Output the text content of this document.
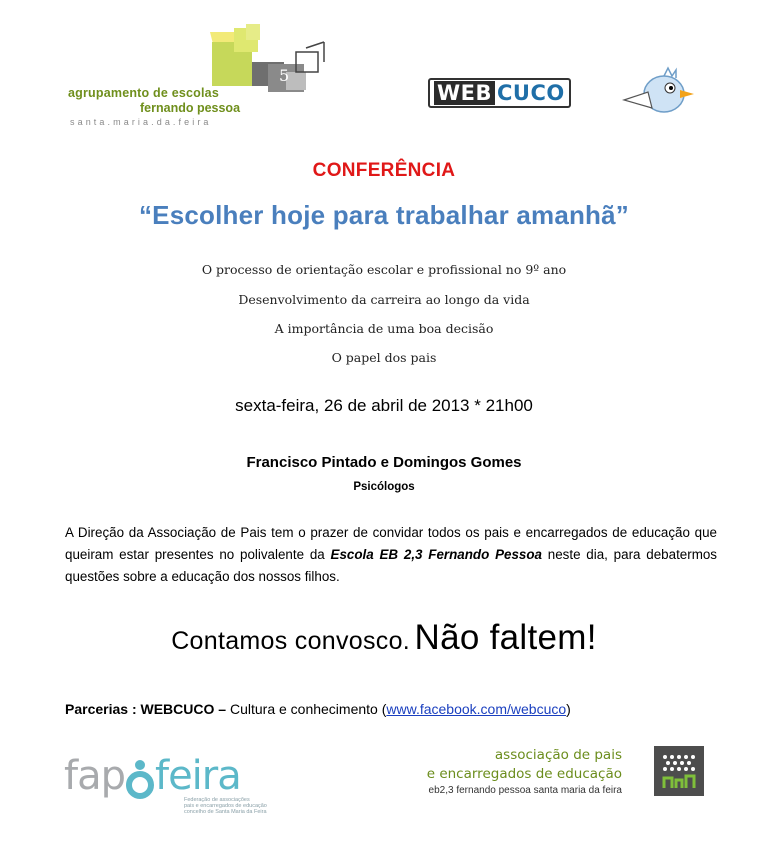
5
agrupamento de escolas
fernando pessoa
santa.maria.da.feira
WEB CUCO
CONFERÊNCIA
“Escolher hoje para trabalhar amanhã”
O processo de orientação escolar e profissional no 9º ano
Desenvolvimento da carreira ao longo da vida
A importância de uma boa decisão
O papel dos pais
sexta-feira, 26 de abril de 2013 * 21h00
Francisco Pintado e Domingos Gomes
Psicólogos
A Direção da Associação de Pais tem o prazer de convidar todos os pais e encarregados de educação que queiram estar presentes no polivalente da Escola EB 2,3 Fernando Pessoa neste dia, para debatermos questões sobre a educação dos nossos filhos.
Contamos convosco. Não faltem!
Parcerias : WEBCUCO – Cultura e conhecimento (www.facebook.com/webcuco)
fap feira
Federação de associações
pais e encarregados de educação
concelho de Santa Maria da Feira
associação de pais
e encarregados de educação
eb2,3 fernando pessoa santa maria da feira
